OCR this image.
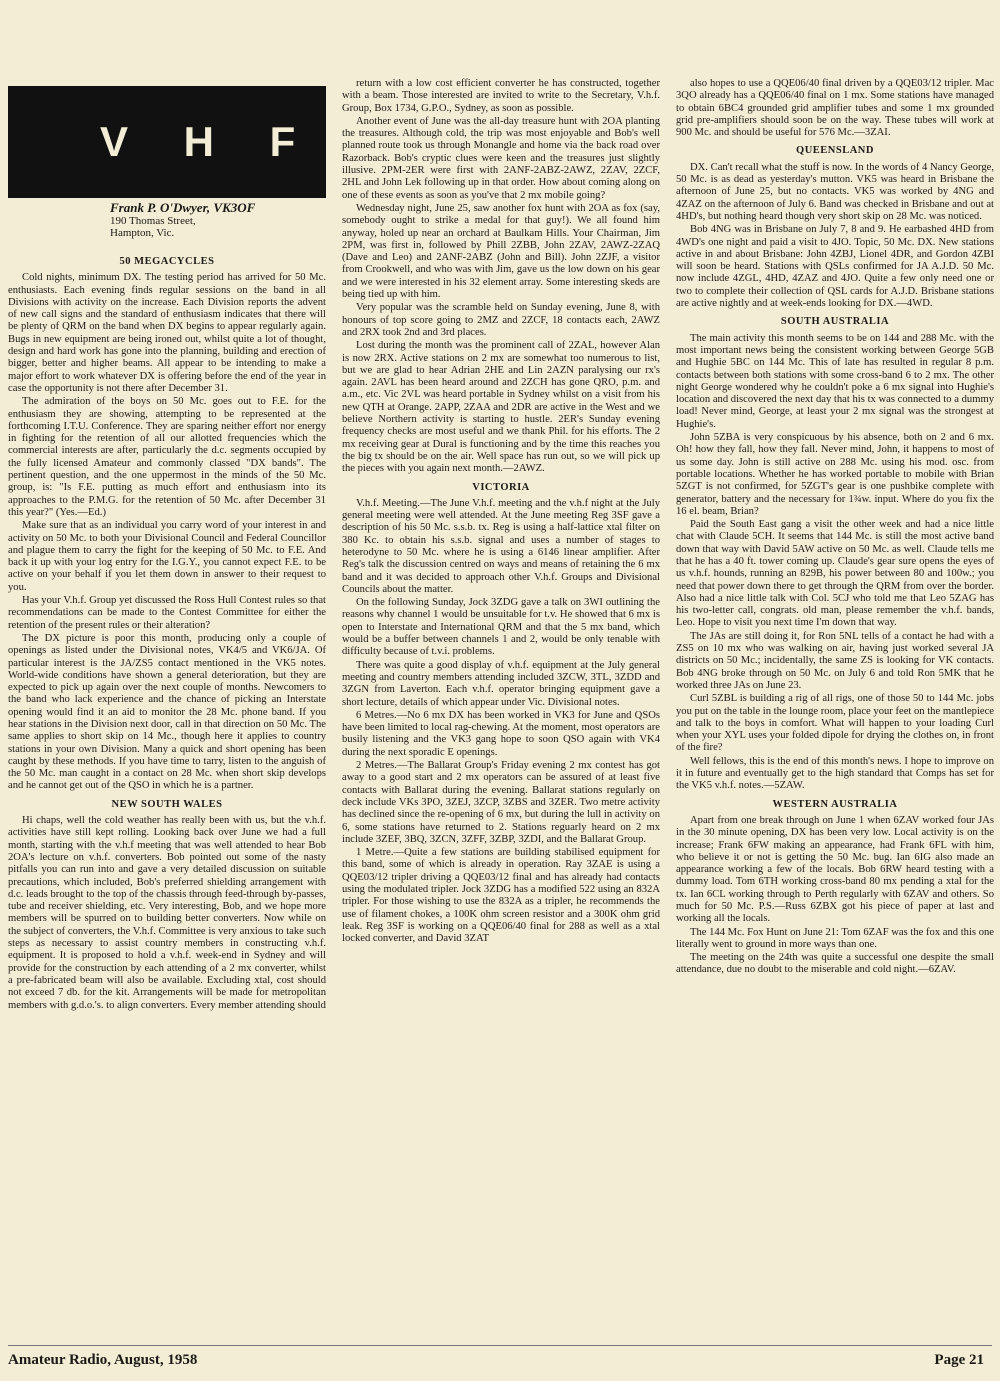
V H F
Frank P. O'Dwyer, VK3OF
190 Thomas Street,
Hampton, Vic.

50 MEGACYCLES

Cold nights, minimum DX. The testing period has arrived for 50 Mc. enthusiasts. Each evening finds regular sessions on the band in all Divisions with activity on the increase. Each Division reports the advent of new call signs and the standard of enthusiasm indicates that there will be plenty of QRM on the band when DX begins to appear regularly again. Bugs in new equipment are being ironed out, whilst quite a lot of thought, design and hard work has gone into the planning, building and erection of bigger, better and higher beams. All appear to be intending to make a major effort to work whatever DX is offering before the end of the year in case the opportunity is not there after December 31.

The admiration of the boys on 50 Mc. goes out to F.E. for the enthusiasm they are showing, attempting to be represented at the forthcoming I.T.U. Conference. They are sparing neither effort nor energy in fighting for the retention of all our allotted frequencies which the commercial interests are after, particularly the d.c. segments occupied by the fully licensed Amateur and commonly classed "DX bands". The pertinent question, and the one uppermost in the minds of the 50 Mc. group, is: "Is F.E. putting as much effort and enthusiasm into its approaches to the P.M.G. for the retention of 50 Mc. after December 31 this year?" (Yes.—Ed.)

Make sure that as an individual you carry word of your interest in and activity on 50 Mc. to both your Divisional Council and Federal Councillor and plague them to carry the fight for the keeping of 50 Mc. to F.E. And back it up with your log entry for the I.G.Y., you cannot expect F.E. to be active on your behalf if you let them down in answer to their request to you.

Has your V.h.f. Group yet discussed the Ross Hull Contest rules so that recommendations can be made to the Contest Committee for either the retention of the present rules or their alteration?

The DX picture is poor this month, producing only a couple of openings as listed under the Divisional notes, VK4/5 and VK6/JA. Of particular interest is the JA/ZS5 contact mentioned in the VK5 notes. World-wide conditions have shown a general deterioration, but they are expected to pick up again over the next couple of months. Newcomers to the band who lack experience and the chance of picking an Interstate opening would find it an aid to monitor the 28 Mc. phone band. If you hear stations in the Division next door, call in that direction on 50 Mc. The same applies to short skip on 14 Mc., though here it applies to country stations in your own Division. Many a quick and short opening has been caught by these methods. If you have time to tarry, listen to the anguish of the 50 Mc. man caught in a contact on 28 Mc. when short skip develops and he cannot get out of the QSO in which he is a partner.

NEW SOUTH WALES

Hi chaps, well the cold weather has really been with us, but the v.h.f. activities have still kept rolling. Looking back over June we had a full month, starting with the v.h.f meeting that was well attended to hear Bob 2OA's lecture on v.h.f. converters. Bob pointed out some of the nasty pitfalls you can run into and gave a very detailed discussion on suitable precautions, which included, Bob's preferred shielding arrangement with d.c. leads brought to the top of the chassis through feed-through by-passes, tube and receiver shielding, etc. Very interesting, Bob, and we hope more members will be spurred on to building better converters. Now while on the subject of converters, the V.h.f. Committee is very anxious to take such steps as necessary to assist country members in constructing v.h.f. equipment. It is proposed to hold a v.h.f. week-end in Sydney and will provide for the construction by each attending of a 2 mx converter, whilst a pre-fabricated beam will also be available. Excluding xtal, cost should not exceed 7 db. for the kit. Arrangements will be made for metropolitan members with g.d.o.'s. to align converters. Every member attending should

return with a low cost efficient converter he has constructed, together with a beam. Those interested are invited to write to the Secretary, V.h.f. Group, Box 1734, G.P.O., Sydney, as soon as possible.

Another event of June was the all-day treasure hunt with 2OA planting the treasures. Although cold, the trip was most enjoyable and Bob's well planned route took us through Monangle and home via the back road over Razorback. Bob's cryptic clues were keen and the treasures just slightly illusive. 2PM-2ER were first with 2ANF-2ABZ-2AWZ, 2ZAV, 2ZCF, 2HL and John Lek following up in that order. How about coming along on one of these events as soon as you've that 2 mx mobile going?

Wednesday night, June 25, saw another fox hunt with 2OA as fox (say, somebody ought to strike a medal for that guy!). We all found him anyway, holed up near an orchard at Baulkam Hills. Your Chairman, Jim 2PM, was first in, followed by Phill 2ZBB, John 2ZAV, 2AWZ-2ZAQ (Dave and Leo) and 2ANF-2ABZ (John and Bill). John 2ZJF, a visitor from Crookwell, and who was with Jim, gave us the low down on his gear and we were interested in his 32 element array. Some interesting skeds are being tied up with him.

Very popular was the scramble held on Sunday evening, June 8, with honours of top score going to 2MZ and 2ZCF, 18 contacts each, 2AWZ and 2RX took 2nd and 3rd places.

Lost during the month was the prominent call of 2ZAL, however Alan is now 2RX. Active stations on 2 mx are somewhat too numerous to list, but we are glad to hear Adrian 2HE and Lin 2AZN paralysing our rx's again. 2AVL has been heard around and 2ZCH has gone QRO, p.m. and a.m., etc. Vic 2VL was heard portable in Sydney whilst on a visit from his new QTH at Orange. 2APP, 2ZAA and 2DR are active in the West and we believe Northern activity is starting to hustle. 2ER's Sunday evening frequency checks are most useful and we thank Phil. for his efforts. The 2 mx receiving gear at Dural is functioning and by the time this reaches you the big tx should be on the air. Well space has run out, so we will pick up the pieces with you again next month.—2AWZ.

VICTORIA

V.h.f. Meeting.—The June V.h.f. meeting and the v.h.f night at the July general meeting were well attended. At the June meeting Reg 3SF gave a description of his 50 Mc. s.s.b. tx. Reg is using a half-lattice xtal filter on 380 Kc. to obtain his s.s.b. signal and uses a number of stages to heterodyne to 50 Mc. where he is using a 6146 linear amplifier. After Reg's talk the discussion centred on ways and means of retaining the 6 mx band and it was decided to approach other V.h.f. Groups and Divisional Councils about the matter.

On the following Sunday, Jock 3ZDG gave a talk on 3WI outlining the reasons why channel 1 would be unsuitable for t.v. He showed that 6 mx is open to Interstate and International QRM and that the 5 mx band, which would be a buffer between channels 1 and 2, would be only tenable with difficulty because of t.v.i. problems.

There was quite a good display of v.h.f. equipment at the July general meeting and country members attending included 3ZCW, 3TL, 3ZDD and 3ZGN from Laverton. Each v.h.f. operator bringing equipment gave a short lecture, details of which appear under Vic. Divisional notes.

6 Metres.—No 6 mx DX has been worked in VK3 for June and QSOs have been limited to local rag-chewing. At the moment, most operators are busily listening and the VK3 gang hope to soon QSO again with VK4 during the next sporadic E openings.

2 Metres.—The Ballarat Group's Friday evening 2 mx contest has got away to a good start and 2 mx operators can be assured of at least five contacts with Ballarat during the evening. Ballarat stations regularly on deck include VKs 3PO, 3ZEJ, 3ZCP, 3ZBS and 3ZER. Two metre activity has declined since the re-opening of 6 mx, but during the lull in activity on 6, some stations have returned to 2. Stations reguarly heard on 2 mx include 3ZEF, 3BQ, 3ZCN, 3ZFF, 3ZBP, 3ZDI, and the Ballarat Group.

1 Metre.—Quite a few stations are building stabilised equipment for this band, some of which is already in operation. Ray 3ZAE is using a QQE03/12 tripler driving a QQE03/12 final and has already had contacts using the modulated tripler. Jock 3ZDG has a modified 522 using an 832A tripler. For those wishing to use the 832A as a tripler, he recommends the use of filament chokes, a 100K ohm screen resistor and a 300K ohm grid leak. Reg 3SF is working on a QQE06/40 final for 288 as well as a xtal locked converter, and David 3ZAT

also hopes to use a QQE06/40 final driven by a QQE03/12 tripler. Mac 3QO already has a QQE06/40 final on 1 mx. Some stations have managed to obtain 6BC4 grounded grid amplifier tubes and some 1 mx grounded grid pre-amplifiers should soon be on the way. These tubes will work at 900 Mc. and should be useful for 576 Mc.—3ZAI.

QUEENSLAND

DX. Can't recall what the stuff is now. In the words of 4 Nancy George, 50 Mc. is as dead as yesterday's mutton. VK5 was heard in Brisbane the afternoon of June 25, but no contacts. VK5 was worked by 4NG and 4ZAZ on the afternoon of July 6. Band was checked in Brisbane and out at 4HD's, but nothing heard though very short skip on 28 Mc. was noticed.

Bob 4NG was in Brisbane on July 7, 8 and 9. He earbashed 4HD from 4WD's one night and paid a visit to 4JO. Topic, 50 Mc. DX. New stations active in and about Brisbane: John 4ZBJ, Lionel 4DR, and Gordon 4ZBI will soon be heard. Stations with QSLs confirmed for JA A.J.D. 50 Mc. now include 4ZGL, 4HD, 4ZAZ and 4JO. Quite a few only need one or two to complete their collection of QSL cards for A.J.D. Brisbane stations are active nightly and at week-ends looking for DX.—4WD.

SOUTH AUSTRALIA

The main activity this month seems to be on 144 and 288 Mc. with the most important news being the consistent working between George 5GB and Hughie 5BC on 144 Mc. This of late has resulted in regular 8 p.m. contacts between both stations with some cross-band 6 to 2 mx. The other night George wondered why he couldn't poke a 6 mx signal into Hughie's location and discovered the next day that his tx was connected to a dummy load! Never mind, George, at least your 2 mx signal was the strongest at Hughie's.

John 5ZBA is very conspicuous by his absence, both on 2 and 6 mx. Oh! how they fall, how they fall. Never mind, John, it happens to most of us some day. John is still active on 288 Mc. using his mod. osc. from portable locations. Whether he has worked portable to mobile with Brian 5ZGT is not confirmed, for 5ZGT's gear is one pushbike complete with generator, battery and the necessary for 1¾w. input. Where do you fix the 16 el. beam, Brian?

Paid the South East gang a visit the other week and had a nice little chat with Claude 5CH. It seems that 144 Mc. is still the most active band down that way with David 5AW active on 50 Mc. as well. Claude tells me that he has a 40 ft. tower coming up. Claude's gear sure opens the eyes of us v.h.f. hounds, running an 829B, his power between 80 and 100w.; you need that power down there to get through the QRM from over the border. Also had a nice little talk with Col. 5CJ who told me that Leo 5ZAG has his two-letter call, congrats. old man, please remember the v.h.f. bands, Leo. Hope to visit you next time I'm down that way.

The JAs are still doing it, for Ron 5NL tells of a contact he had with a ZS5 on 10 mx who was walking on air, having just worked several JA districts on 50 Mc.; incidentally, the same ZS is looking for VK contacts. Bob 4NG broke through on 50 Mc. on July 6 and told Ron 5MK that he worked three JAs on June 23.

Curl 5ZBL is building a rig of all rigs, one of those 50 to 144 Mc. jobs you put on the table in the lounge room, place your feet on the mantlepiece and talk to the boys in comfort. What will happen to your loading Curl when your XYL uses your folded dipole for drying the clothes on, in front of the fire?

Well fellows, this is the end of this month's news. I hope to improve on it in future and eventually get to the high standard that Comps has set for the VK5 v.h.f. notes.—5ZAW.

WESTERN AUSTRALIA

Apart from one break through on June 1 when 6ZAV worked four JAs in the 30 minute opening, DX has been very low. Local activity is on the increase; Frank 6FW making an appearance, had Frank 6FL with him, who believe it or not is getting the 50 Mc. bug. Ian 6IG also made an appearance working a few of the locals. Bob 6RW heard testing with a dummy load. Tom 6TH working cross-band 80 mx pending a xtal for the tx. Ian 6CL working through to Perth regularly with 6ZAV and others. So much for 50 Mc. P.S.—Russ 6ZBX got his piece of paper at last and working all the locals.

The 144 Mc. Fox Hunt on June 21: Tom 6ZAF was the fox and this one literally went to ground in more ways than one.

The meeting on the 24th was quite a successful one despite the small attendance, due no doubt to the miserable and cold night.—6ZAV.

Amateur Radio, August, 1958	Page 21
